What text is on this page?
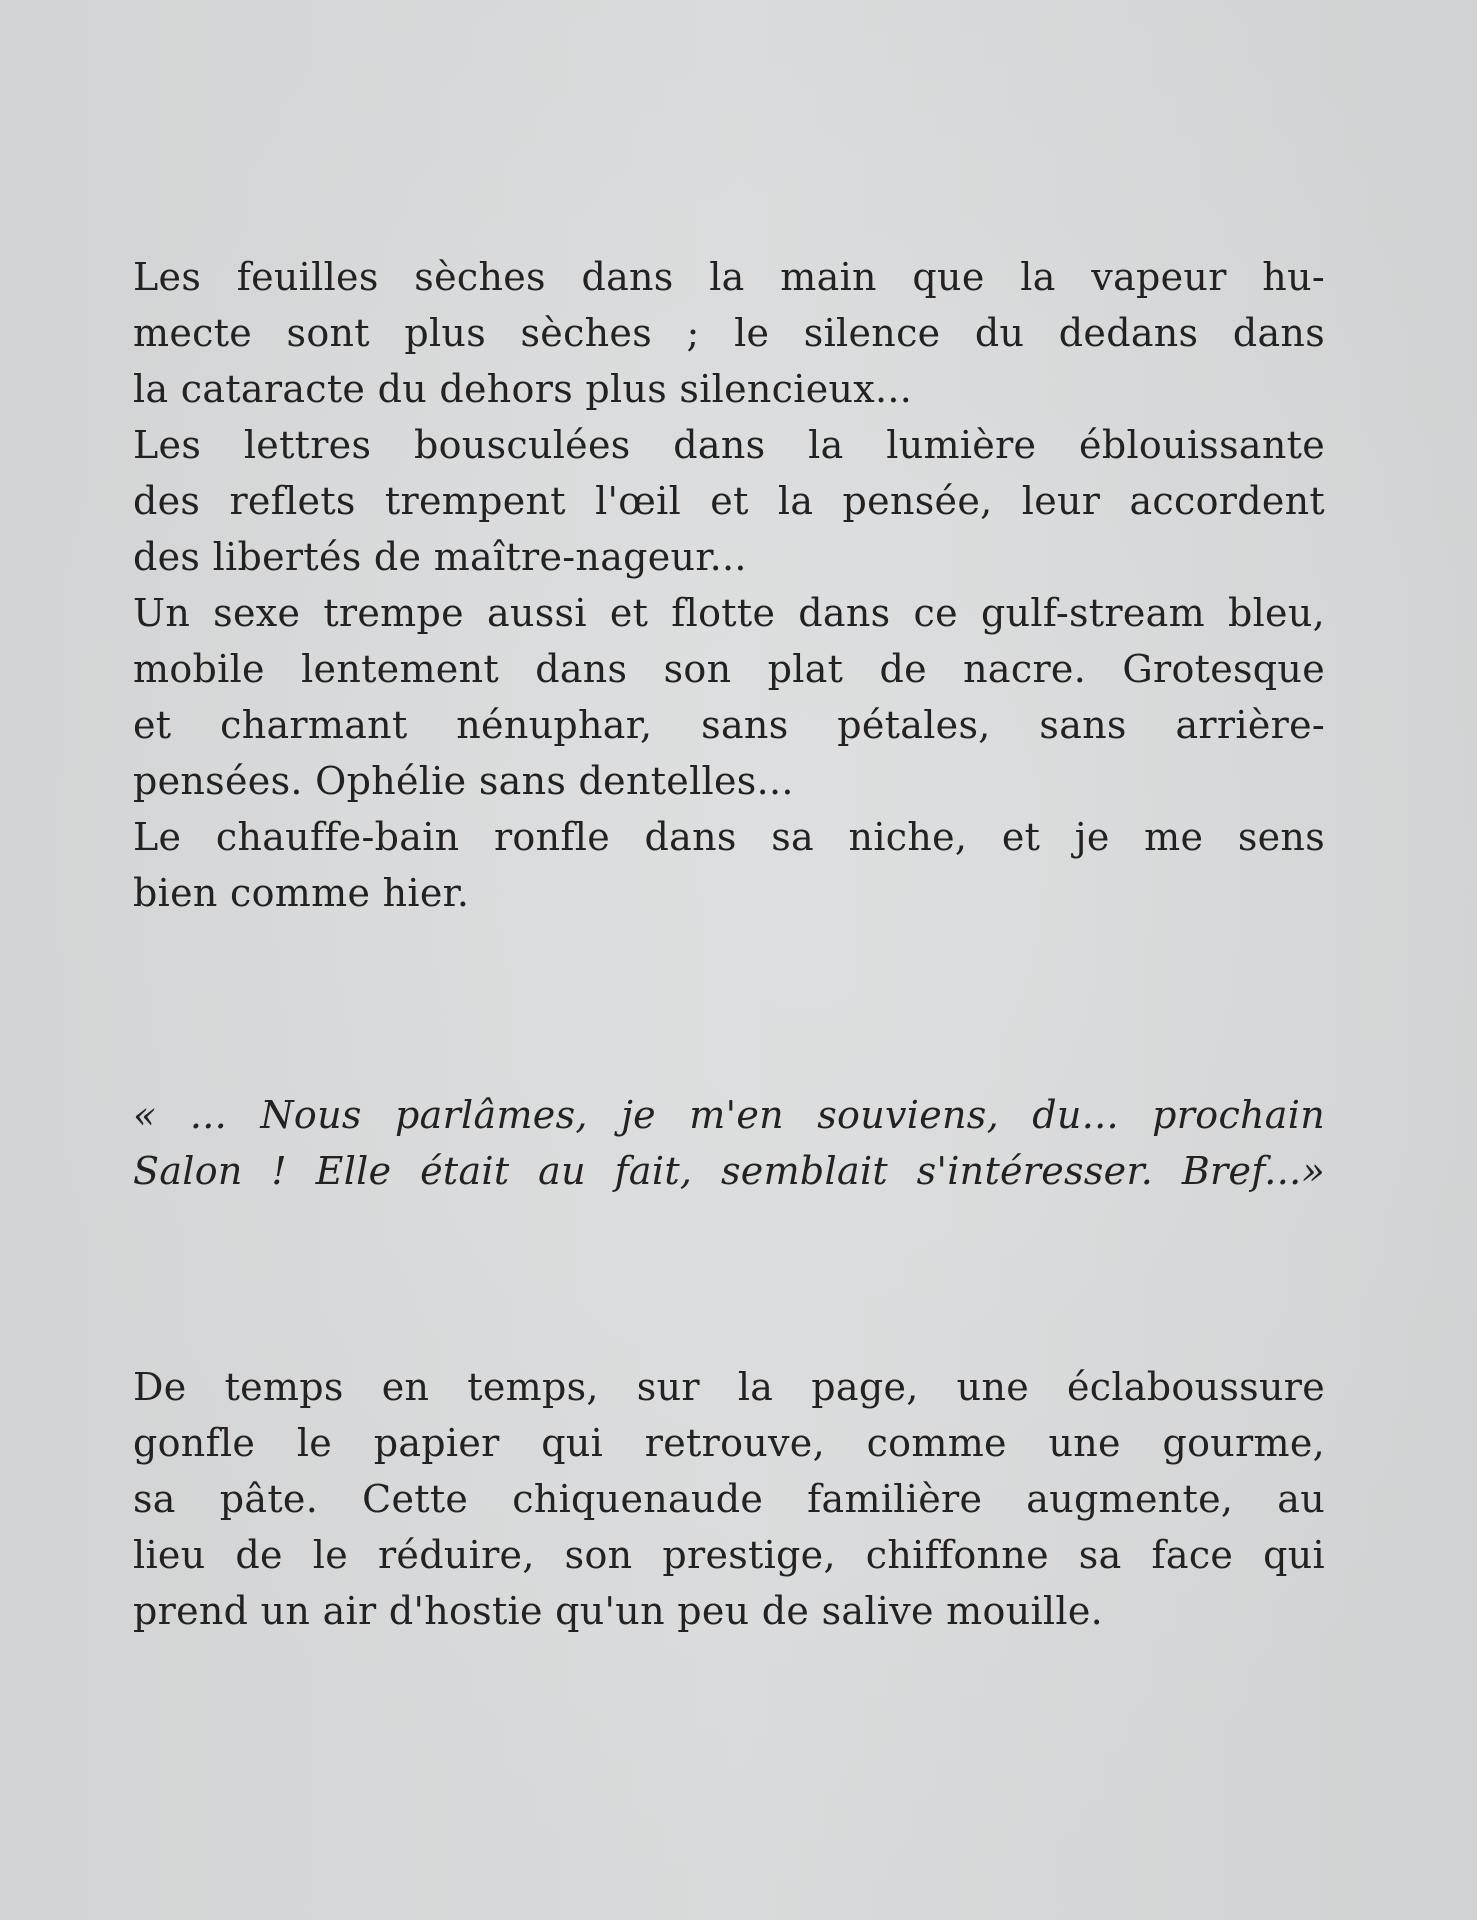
Les feuilles sèches dans la main que la vapeur hu-
mecte sont plus sèches ; le silence du dedans dans
la cataracte du dehors plus silencieux...
Les lettres bousculées dans la lumière éblouissante
des reflets trempent l'œil et la pensée, leur accordent
des libertés de maître-nageur...
Un sexe trempe aussi et flotte dans ce gulf-stream bleu,
mobile lentement dans son plat de nacre. Grotesque
et charmant nénuphar, sans pétales, sans arrière-
pensées. Ophélie sans dentelles...
Le chauffe-bain ronfle dans sa niche, et je me sens
bien comme hier.
« ... Nous parlâmes, je m'en souviens, du... prochain
Salon ! Elle était au fait, semblait s'intéresser. Bref...»
De temps en temps, sur la page, une éclaboussure
gonfle le papier qui retrouve, comme une gourme,
sa pâte. Cette chiquenaude familière augmente, au
lieu de le réduire, son prestige, chiffonne sa face qui
prend un air d'hostie qu'un peu de salive mouille.
